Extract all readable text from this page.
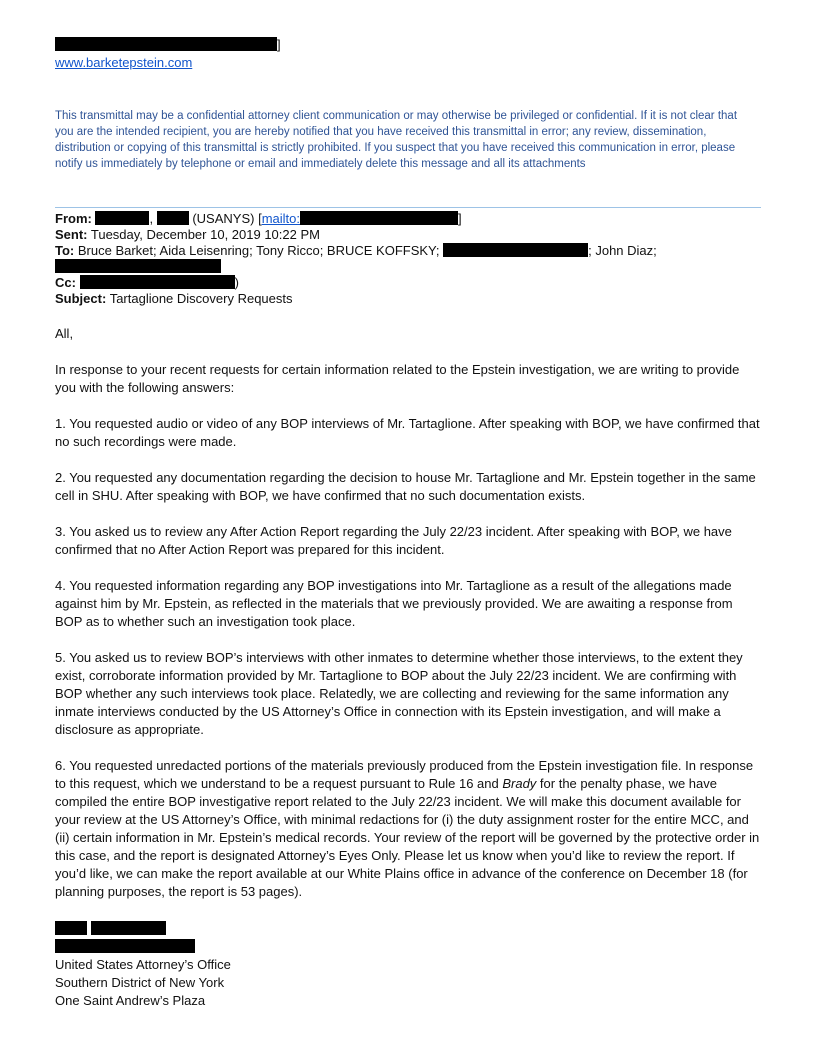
]
www.barketepstein.com
This transmittal may be a confidential attorney client communication or may otherwise be privileged or confidential. If it is not clear that you are the intended recipient, you are hereby notified that you have received this transmittal in error; any review, dissemination, distribution or copying of this transmittal is strictly prohibited. If you suspect that you have received this communication in error, please notify us immediately by telephone or email and immediately delete this message and all its attachments
From:	,	(USANYS) [mailto:	]
Sent: Tuesday, December 10, 2019 10:22 PM
To: Bruce Barket; Aida Leisenring; Tony Ricco; BRUCE KOFFSKY;	; John Diaz;
Cc:	)
Subject: Tartaglione Discovery Requests

All,

In response to your recent requests for certain information related to the Epstein investigation, we are writing to provide you with the following answers:

1. You requested audio or video of any BOP interviews of Mr. Tartaglione. After speaking with BOP, we have confirmed that no such recordings were made.

2. You requested any documentation regarding the decision to house Mr. Tartaglione and Mr. Epstein together in the same cell in SHU. After speaking with BOP, we have confirmed that no such documentation exists.

3. You asked us to review any After Action Report regarding the July 22/23 incident. After speaking with BOP, we have confirmed that no After Action Report was prepared for this incident.

4. You requested information regarding any BOP investigations into Mr. Tartaglione as a result of the allegations made against him by Mr. Epstein, as reflected in the materials that we previously provided. We are awaiting a response from BOP as to whether such an investigation took place.

5. You asked us to review BOP’s interviews with other inmates to determine whether those interviews, to the extent they exist, corroborate information provided by Mr. Tartaglione to BOP about the July 22/23 incident. We are confirming with BOP whether any such interviews took place. Relatedly, we are collecting and reviewing for the same information any inmate interviews conducted by the US Attorney’s Office in connection with its Epstein investigation, and will make a disclosure as appropriate.

6. You requested unredacted portions of the materials previously produced from the Epstein investigation file. In response to this request, which we understand to be a request pursuant to Rule 16 and Brady for the penalty phase, we have compiled the entire BOP investigative report related to the July 22/23 incident. We will make this document available for your review at the US Attorney’s Office, with minimal redactions for (i) the duty assignment roster for the entire MCC, and (ii) certain information in Mr. Epstein’s medical records. Your review of the report will be governed by the protective order in this case, and the report is designated Attorney’s Eyes Only. Please let us know when you’d like to review the report. If you’d like, we can make the report available at our White Plains office in advance of the conference on December 18 (for planning purposes, the report is 53 pages).

United States Attorney’s Office
Southern District of New York
One Saint Andrew’s Plaza
